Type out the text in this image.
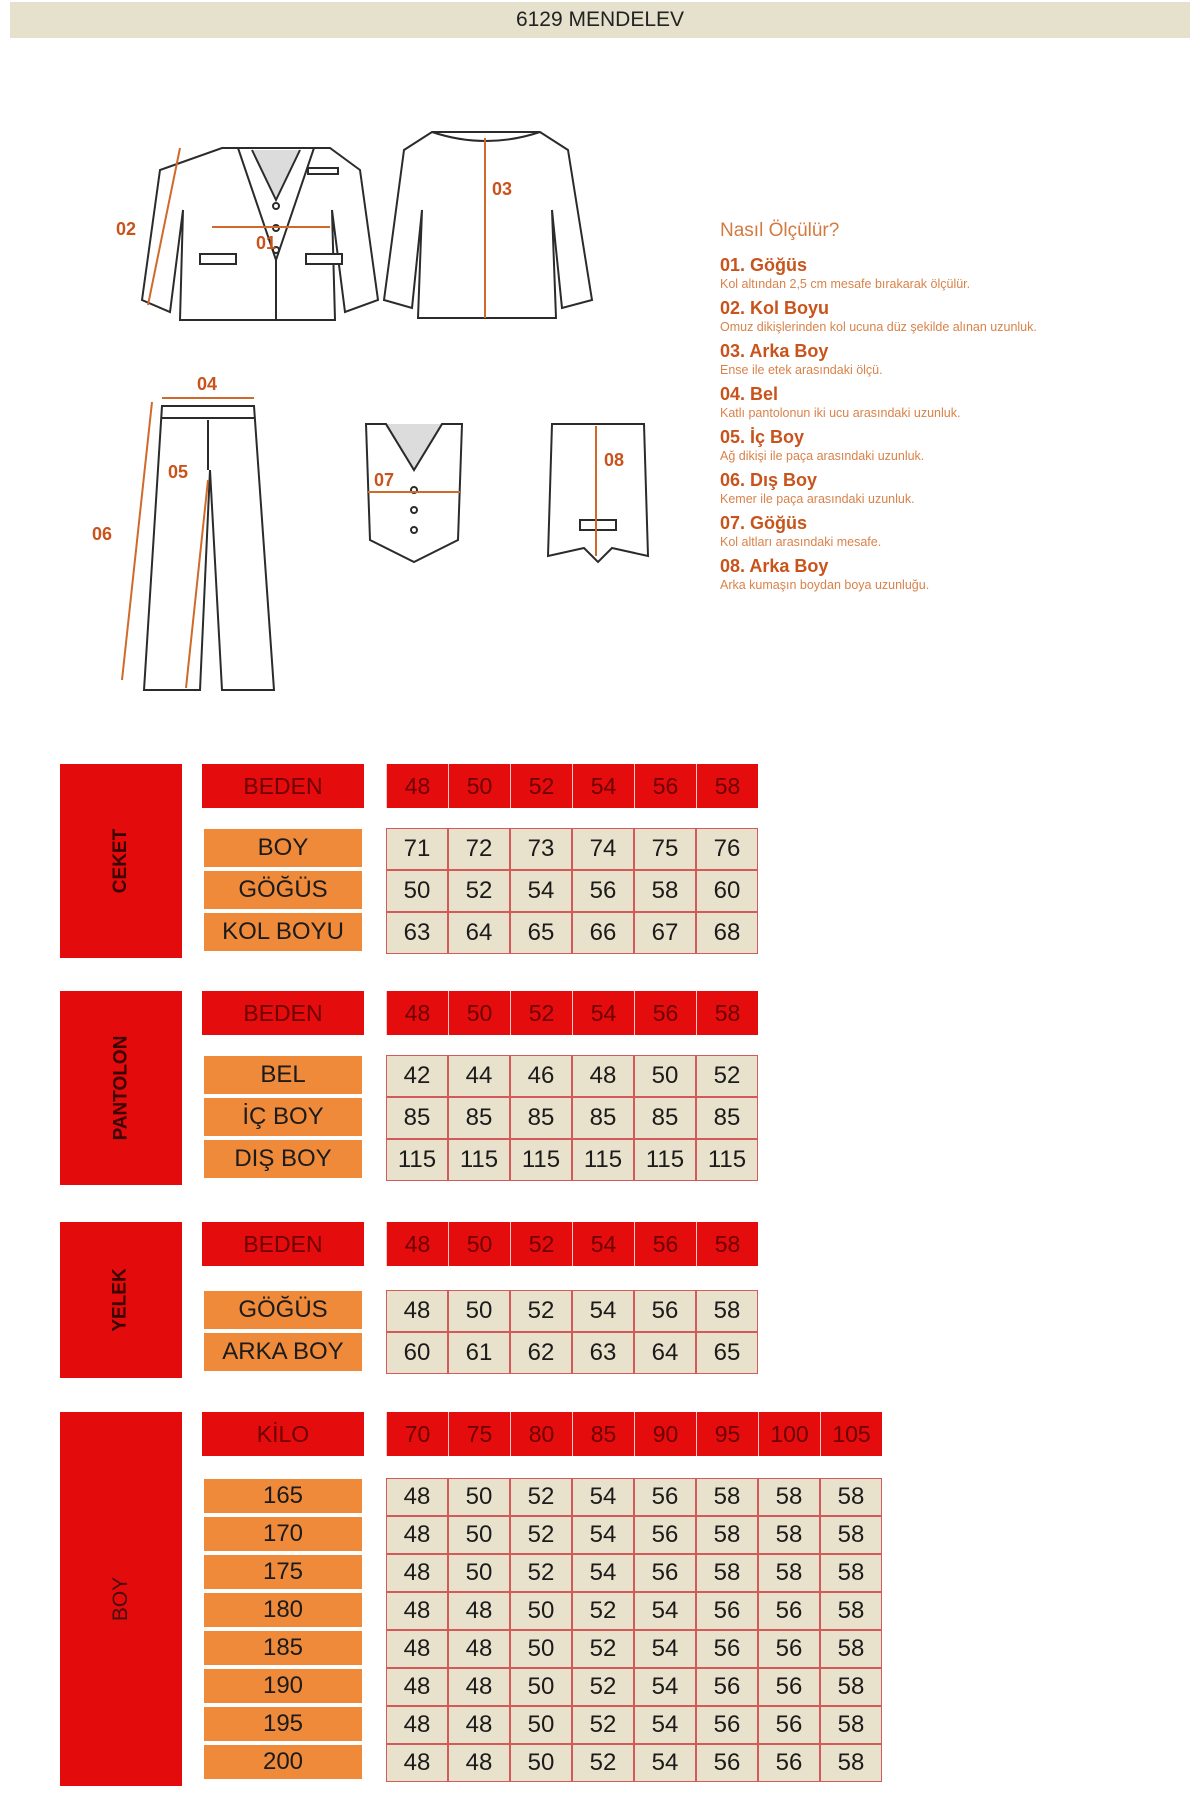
6129 MENDELEV
01
02
03
04
05
06
07
08
Nasıl Ölçülür?
01. Göğüs
Kol altından 2,5 cm mesafe bırakarak ölçülür.
02. Kol Boyu
Omuz dikişlerinden kol ucuna düz şekilde alınan uzunluk.
03. Arka Boy
Ense ile etek arasındaki ölçü.
04. Bel
Katlı pantolonun iki ucu arasındaki uzunluk.
05. İç Boy
Ağ dikişi ile paça arasındaki uzunluk.
06. Dış Boy
Kemer ile paça arasındaki uzunluk.
07. Göğüs
Kol altları arasındaki mesafe.
08. Arka Boy
Arka kumaşın boydan boya uzunluğu.
CEKET
BEDEN	48	50	52	54	56	58
BOY	71	72	73	74	75	76
GÖĞÜS	50	52	54	56	58	60
KOL BOYU	63	64	65	66	67	68
PANTOLON
BEDEN	48	50	52	54	56	58
BEL	42	44	46	48	50	52
İÇ BOY	85	85	85	85	85	85
DIŞ BOY	115 115 115 115 115 115
YELEK
BEDEN	48	50	52	54	56	58
GÖĞÜS	48	50	52	54	56	58
ARKA BOY	60	61	62	63	64	65
BOY
KİLO	70	75	80	85	90	95	100	105
165	48	50	52	54	56	58	58	58
170	48	50	52	54	56	58	58	58
175	48	50	52	54	56	58	58	58
180	48	48	50	52	54	56	56	58
185	48	48	50	52	54	56	56	58
190	48	48	50	52	54	56	56	58
195	48	48	50	52	54	56	56	58
200	48	48	50	52	54	56	56	58
